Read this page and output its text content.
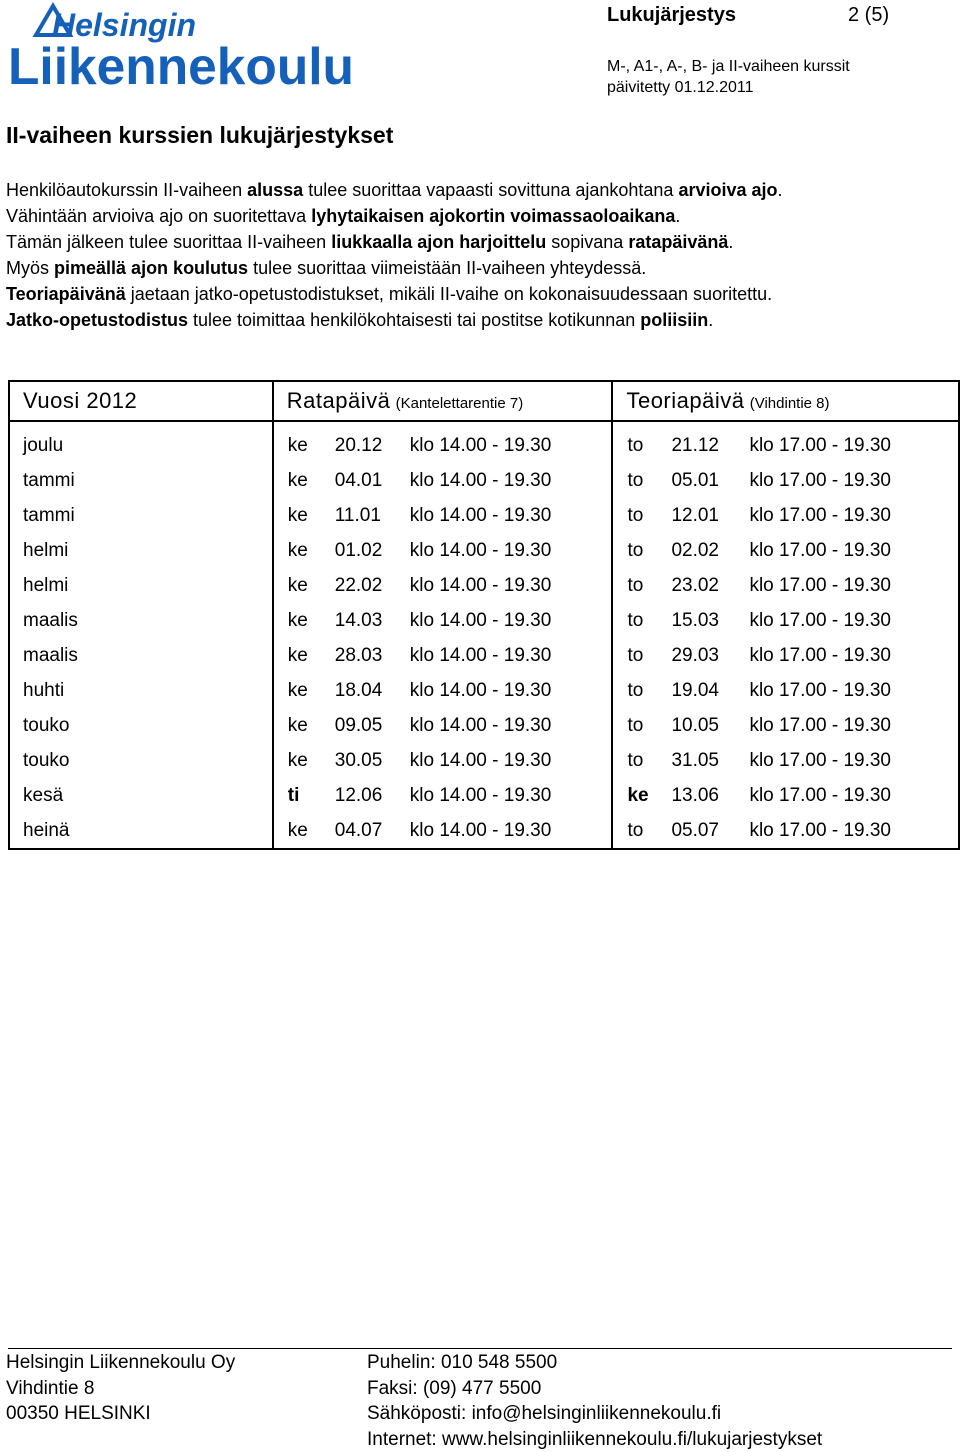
Helsingin
Liikennekoulu
Lukujärjestys	2 (5)
M-, A1-, A-, B- ja II-vaiheen kurssit
päivitetty 01.12.2011
II-vaiheen kurssien lukujärjestykset

Henkilöautokurssin II-vaiheen alussa tulee suorittaa vapaasti sovittuna ajankohtana arvioiva ajo.

Vähintään arvioiva ajo on suoritettava lyhytaikaisen ajokortin voimassaoloaikana.

Tämän jälkeen tulee suorittaa II-vaiheen liukkaalla ajon harjoittelu sopivana ratapäivänä.

Myös pimeällä ajon koulutus tulee suorittaa viimeistään II-vaiheen yhteydessä.

Teoriapäivänä jaetaan jatko-opetustodistukset, mikäli II-vaihe on kokonaisuudessaan suoritettu.

Jatko-opetustodistus tulee toimittaa henkilökohtaisesti tai postitse kotikunnan poliisiin.

Vuosi 2012	Ratapäivä (Kantelettarentie 7)	Teoriapäivä (Vihdintie 8)
joulu	ke 20.12 klo 14.00 - 19.30	to 21.12 klo 17.00 - 19.30

tammi	ke 04.01 klo 14.00 - 19.30	to 05.01 klo 17.00 - 19.30

tammi	ke 11.01 klo 14.00 - 19.30	to 12.01 klo 17.00 - 19.30

helmi	ke 01.02 klo 14.00 - 19.30	to 02.02 klo 17.00 - 19.30

helmi	ke 22.02 klo 14.00 - 19.30	to 23.02 klo 17.00 - 19.30

maalis	ke 14.03 klo 14.00 - 19.30	to 15.03 klo 17.00 - 19.30

maalis	ke 28.03 klo 14.00 - 19.30	to 29.03 klo 17.00 - 19.30

huhti	ke 18.04 klo 14.00 - 19.30	to 19.04 klo 17.00 - 19.30

touko	ke 09.05 klo 14.00 - 19.30	to 10.05 klo 17.00 - 19.30

touko	ke 30.05 klo 14.00 - 19.30	to 31.05 klo 17.00 - 19.30

kesä	ti 12.06 klo 14.00 - 19.30	ke 13.06 klo 17.00 - 19.30

heinä	ke 04.07 klo 14.00 - 19.30	to 05.07 klo 17.00 - 19.30
Helsingin Liikennekoulu Oy
Vihdintie 8
00350 HELSINKI
Puhelin: 010 548 5500
Faksi: (09) 477 5500
Sähköposti: info@helsinginliikennekoulu.fi
Internet: www.helsinginliikennekoulu.fi/lukujarjestykset
